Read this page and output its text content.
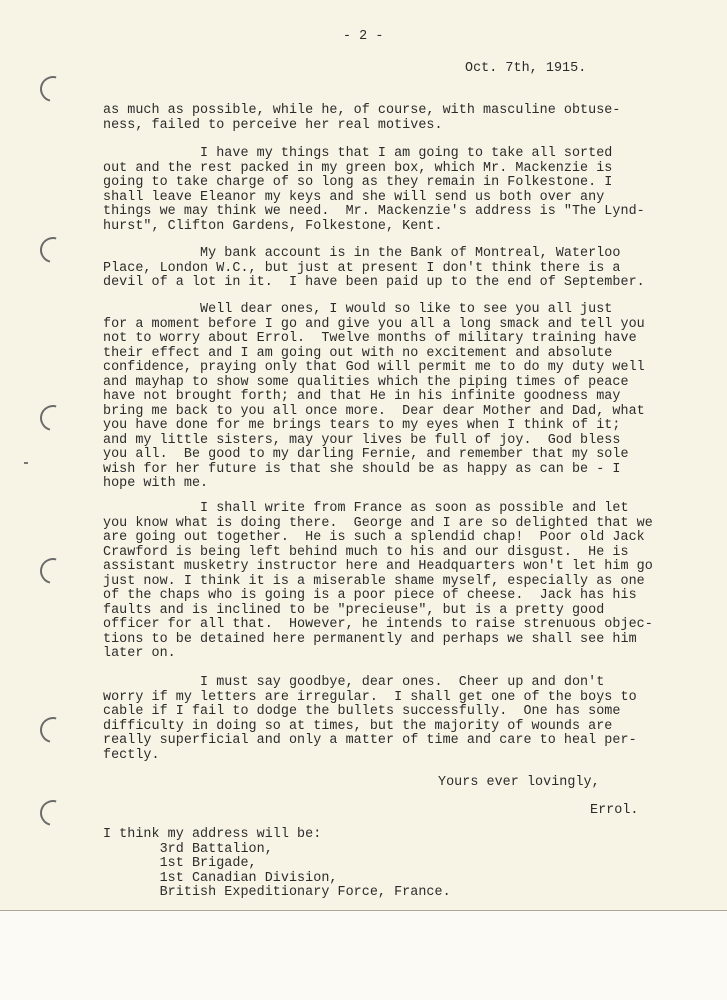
- 2 -
Oct. 7th, 1915.
as much as possible, while he, of course, with masculine obtuse-
ness, failed to perceive her real motives.
I have my things that I am going to take all sorted
out and the rest packed in my green box, which Mr. Mackenzie is
going to take charge of so long as they remain in Folkestone. I
shall leave Eleanor my keys and she will send us both over any
things we may think we need.  Mr. Mackenzie's address is "The Lynd-
hurst", Clifton Gardens, Folkestone, Kent.
My bank account is in the Bank of Montreal, Waterloo
Place, London W.C., but just at present I don't think there is a
devil of a lot in it.  I have been paid up to the end of September.
Well dear ones, I would so like to see you all just
for a moment before I go and give you all a long smack and tell you
not to worry about Errol.  Twelve months of military training have
their effect and I am going out with no excitement and absolute
confidence, praying only that God will permit me to do my duty well
and mayhap to show some qualities which the piping times of peace
have not brought forth; and that He in his infinite goodness may
bring me back to you all once more.  Dear dear Mother and Dad, what
you have done for me brings tears to my eyes when I think of it;
and my little sisters, may your lives be full of joy.  God bless
you all.  Be good to my darling Fernie, and remember that my sole
wish for her future is that she should be as happy as can be - I
hope with me.
I shall write from France as soon as possible and let
you know what is doing there.  George and I are so delighted that we
are going out together.  He is such a splendid chap!  Poor old Jack
Crawford is being left behind much to his and our disgust.  He is
assistant musketry instructor here and Headquarters won't let him go
just now. I think it is a miserable shame myself, especially as one
of the chaps who is going is a poor piece of cheese.  Jack has his
faults and is inclined to be "precieuse", but is a pretty good
officer for all that.  However, he intends to raise strenuous objec-
tions to be detained here permanently and perhaps we shall see him
later on.
I must say goodbye, dear ones.  Cheer up and don't
worry if my letters are irregular.  I shall get one of the boys to
cable if I fail to dodge the bullets successfully.  One has some
difficulty in doing so at times, but the majority of wounds are
really superficial and only a matter of time and care to heal per-
fectly.
Yours ever lovingly,
Errol.
I think my address will be:
3rd Battalion,
1st Brigade,
1st Canadian Division,
British Expeditionary Force, France.
